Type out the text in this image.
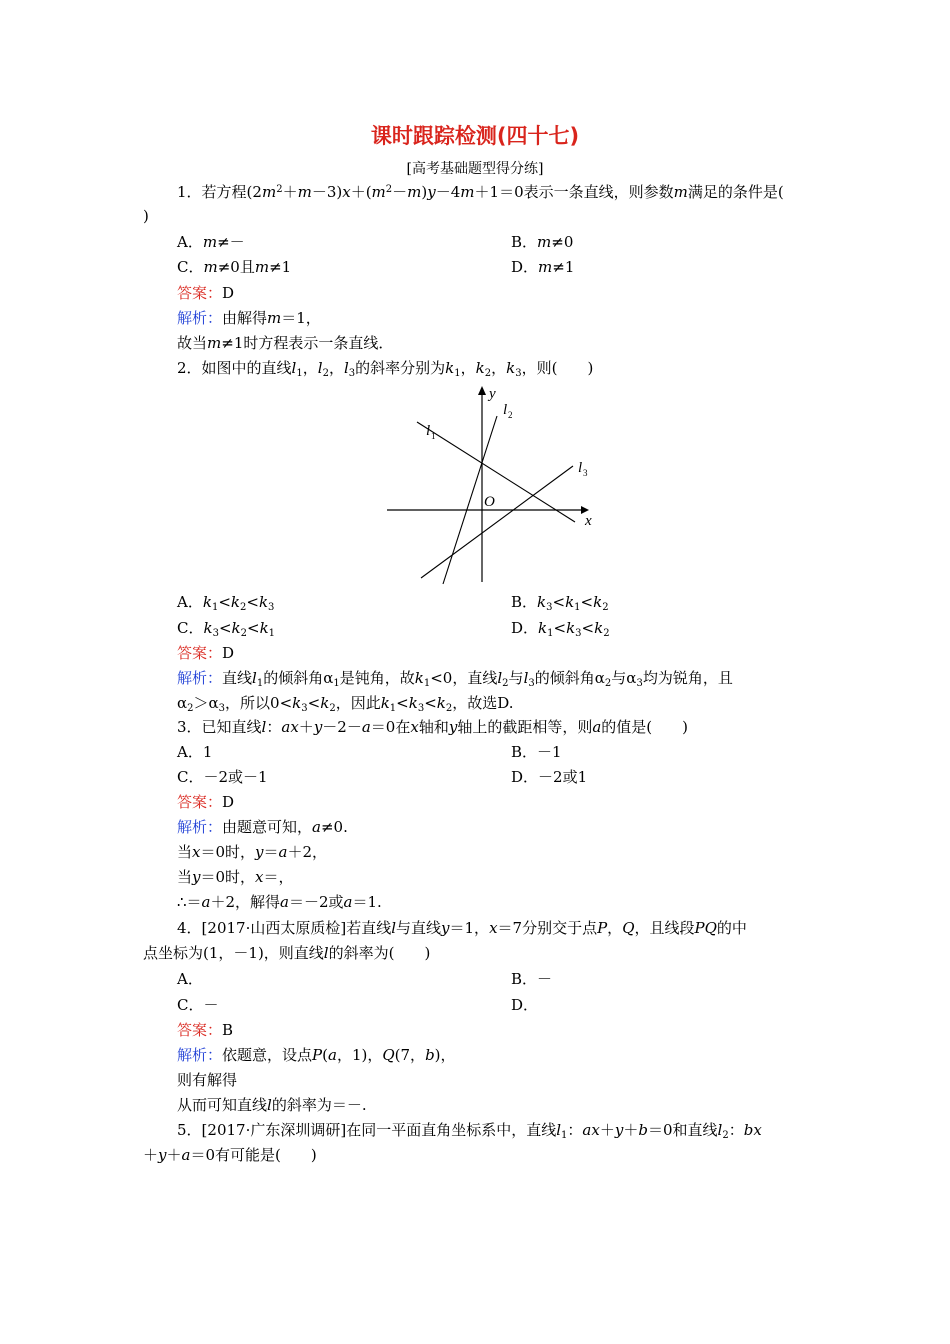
课时跟踪检测(四十七)
[高考基础题型得分练]
1．若方程$(2m^2+m-3)x+(m^2-m)y-4m+1=0$表示一条直线，则参数m满足的条件是(
)
A．m≠－	B．m≠0
C．m≠0且m≠1	D．m≠1
答案：D
解析：由解得m＝1，
故当m≠1时方程表示一条直线．
2．如图中的直线$l_1$，$l_2$，$l_3$的斜率分别为$k_1$，$k_2$，$k_3$，则(　　)
y
x
O
l 1
l 2
l 3
A．$k_1<k_2<k_3$	B．$k_3<k_1<k_2$
C．$k_3<k_2<k_1$	D．$k_1<k_3<k_2$
答案：D
解析：直线$l_1$的倾斜角$\alpha_1$是钝角，故$k_1<0$，直线$l_2$与$l_3$的倾斜角$\alpha_2$与$\alpha_3$均为锐角，且
$\alpha_2>\alpha_3$，所以$0<k_3<k_2$，因此$k_1<k_3<k_2$，故选D.
3．已知直线l：ax＋y－2－a＝0在x轴和y轴上的截距相等，则a的值是(　　)
A．1	B．－1
C．－2或－1	D．－2或1
答案：D
解析：由题意可知，a≠0.
当x＝0时，y＝a＋2，
当y＝0时，x＝，
∴＝a＋2，解得a＝－2或a＝1.
4．[2017·山西太原质检]若直线l与直线y＝1，x＝7分别交于点P，Q，且线段PQ的中
点坐标为(1，－1)，则直线l的斜率为(　　)
A．	B．－
C．－	D．
答案：B
解析：依题意，设点P(a，1)，Q(7，b)，
则有解得
从而可知直线l的斜率为＝－.
5．[2017·广东深圳调研]在同一平面直角坐标系中，直线$l_1$：ax＋y＋b＝0和直线$l_2$：bx
＋y＋a＝0有可能是(　　)
